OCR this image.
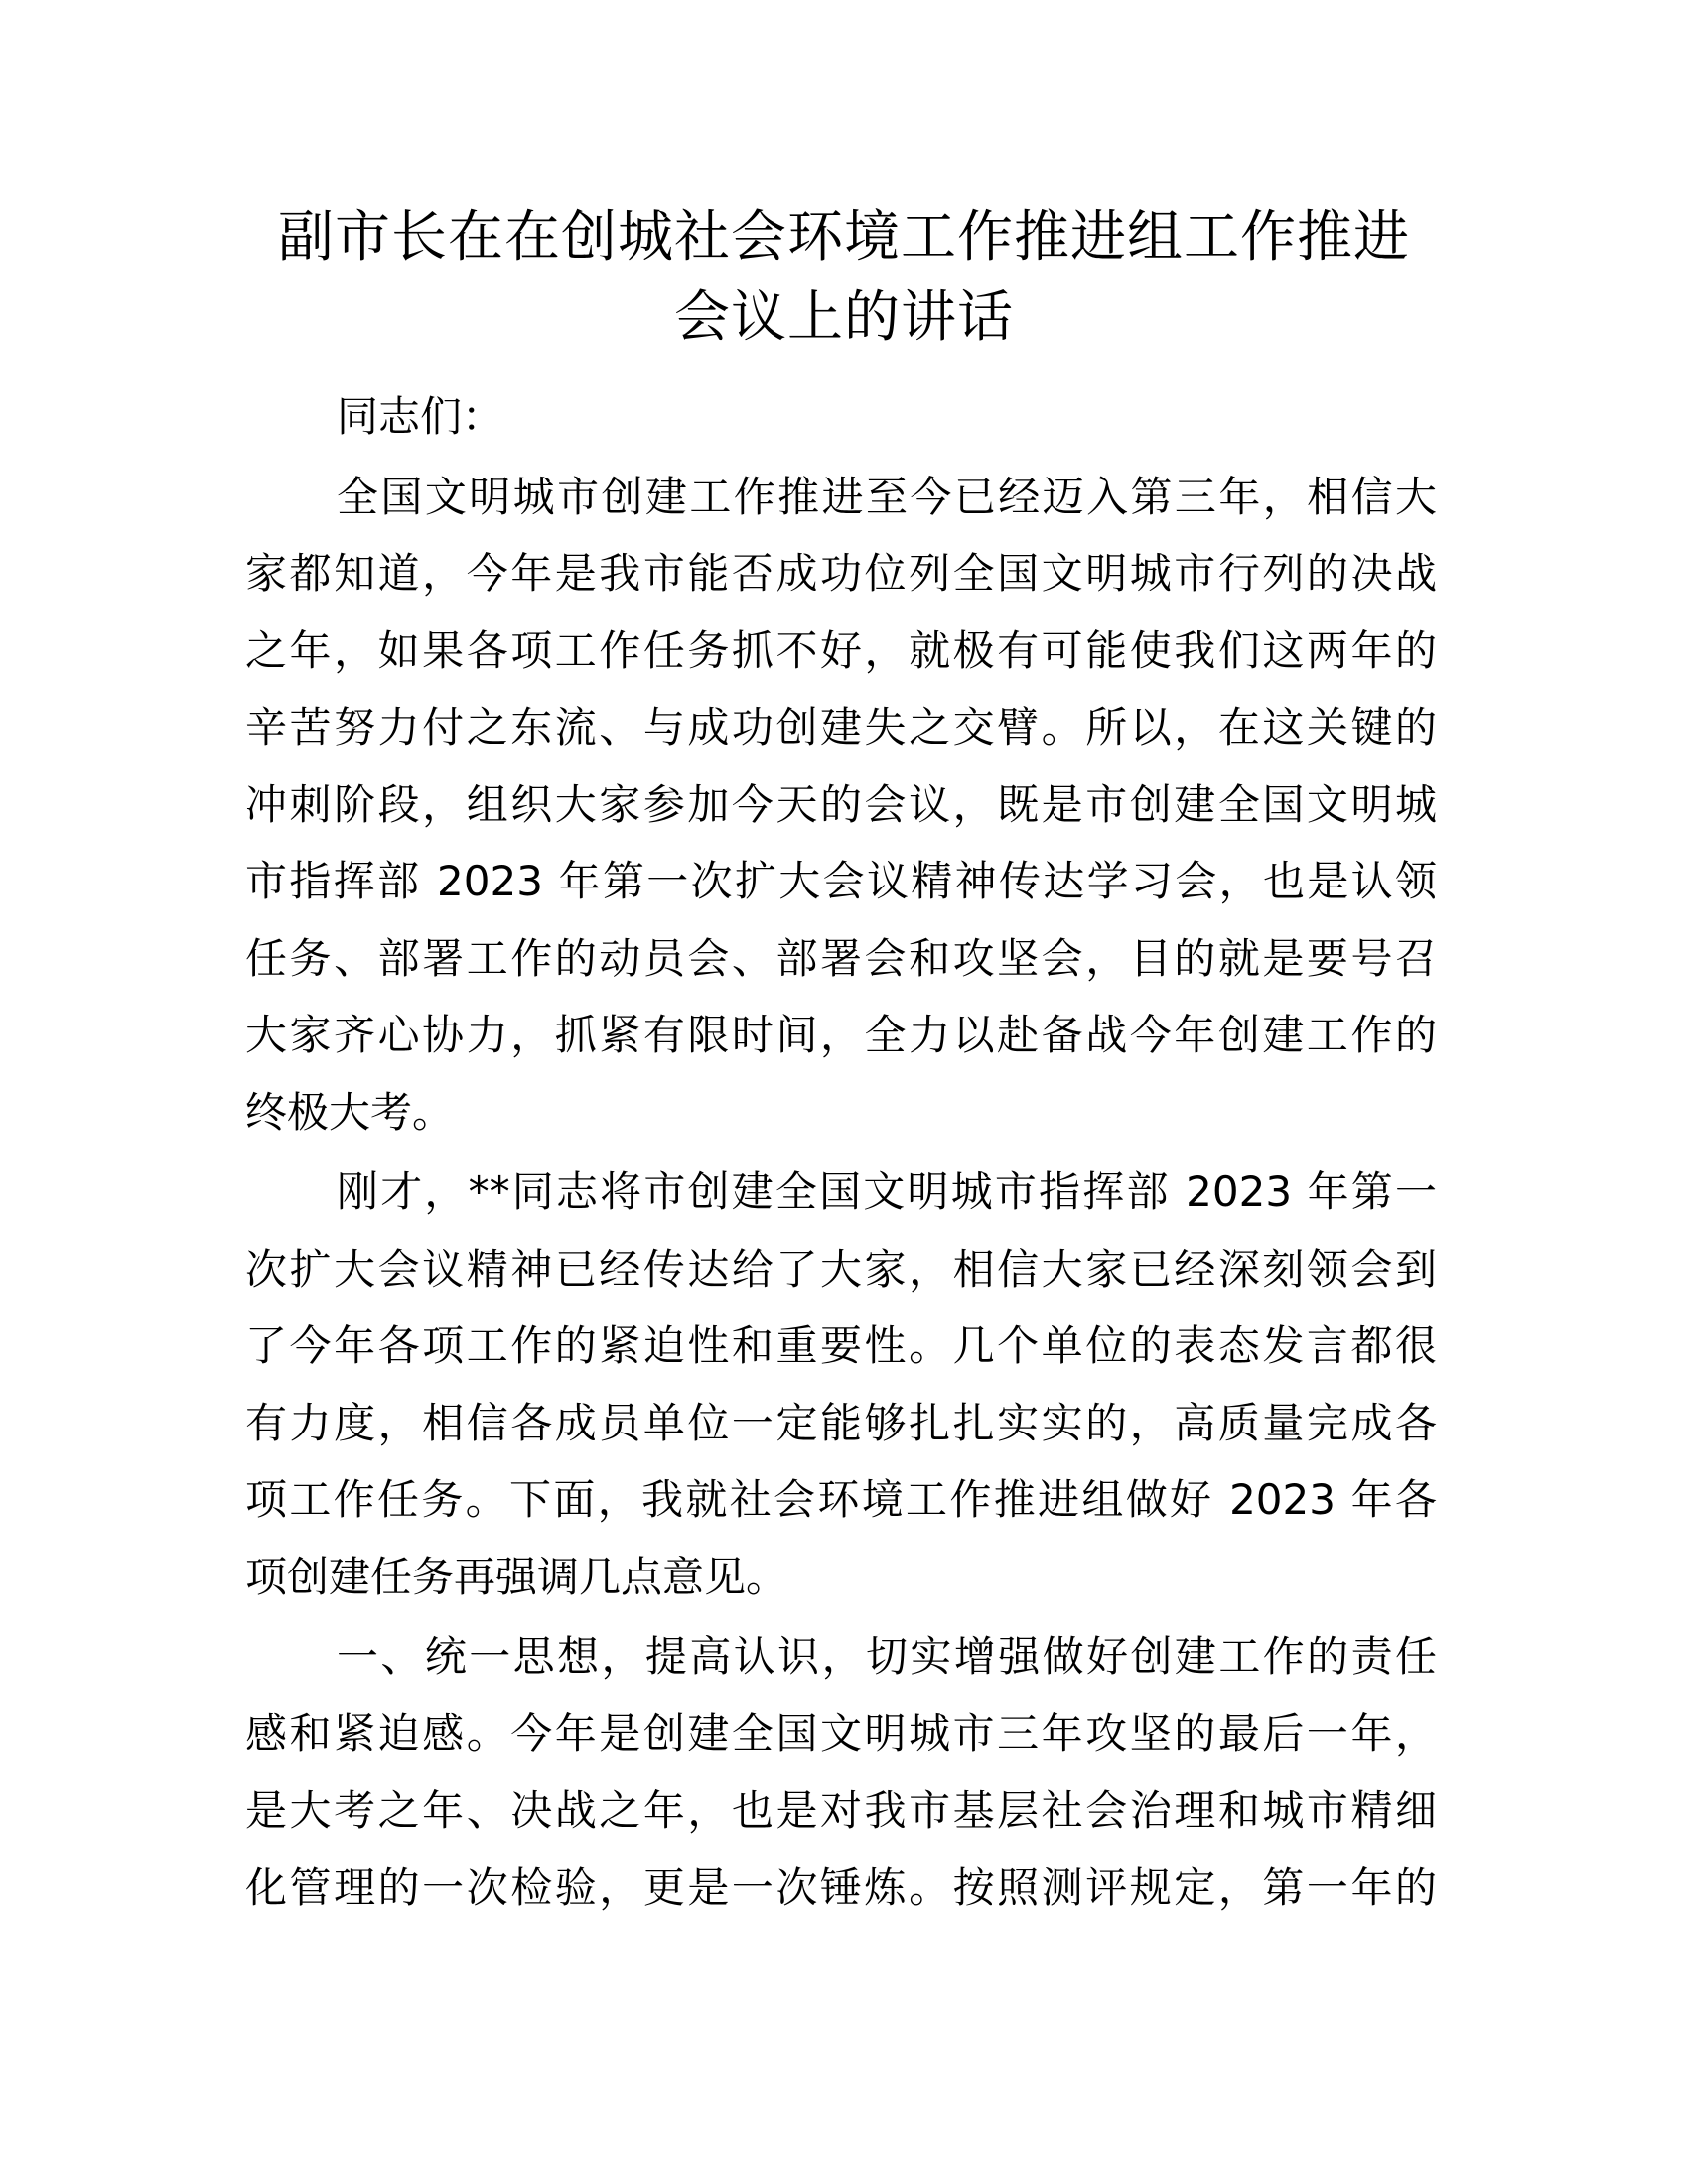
副市长在在创城社会环境工作推进组工作推进
会议上的讲话

同志们：

全国文明城市创建工作推进至今已经迈入第三年，相信大
家都知道，今年是我市能否成功位列全国文明城市行列的决战
之年，如果各项工作任务抓不好，就极有可能使我们这两年的
辛苦努力付之东流、与成功创建失之交臂。所以，在这关键的
冲刺阶段，组织大家参加今天的会议，既是市创建全国文明城
市指挥部 2023 年第一次扩大会议精神传达学习会，也是认领
任务、部署工作的动员会、部署会和攻坚会，目的就是要号召
大家齐心协力，抓紧有限时间，全力以赴备战今年创建工作的
终极大考。

刚才，**同志将市创建全国文明城市指挥部 2023 年第一
次扩大会议精神已经传达给了大家，相信大家已经深刻领会到
了今年各项工作的紧迫性和重要性。几个单位的表态发言都很
有力度，相信各成员单位一定能够扎扎实实的，高质量完成各
项工作任务。下面，我就社会环境工作推进组做好 2023 年各
项创建任务再强调几点意见。

一、统一思想，提高认识，切实增强做好创建工作的责任
感和紧迫感。今年是创建全国文明城市三年攻坚的最后一年，
是大考之年、决战之年，也是对我市基层社会治理和城市精细
化管理的一次检验，更是一次锤炼。按照测评规定，第一年的
